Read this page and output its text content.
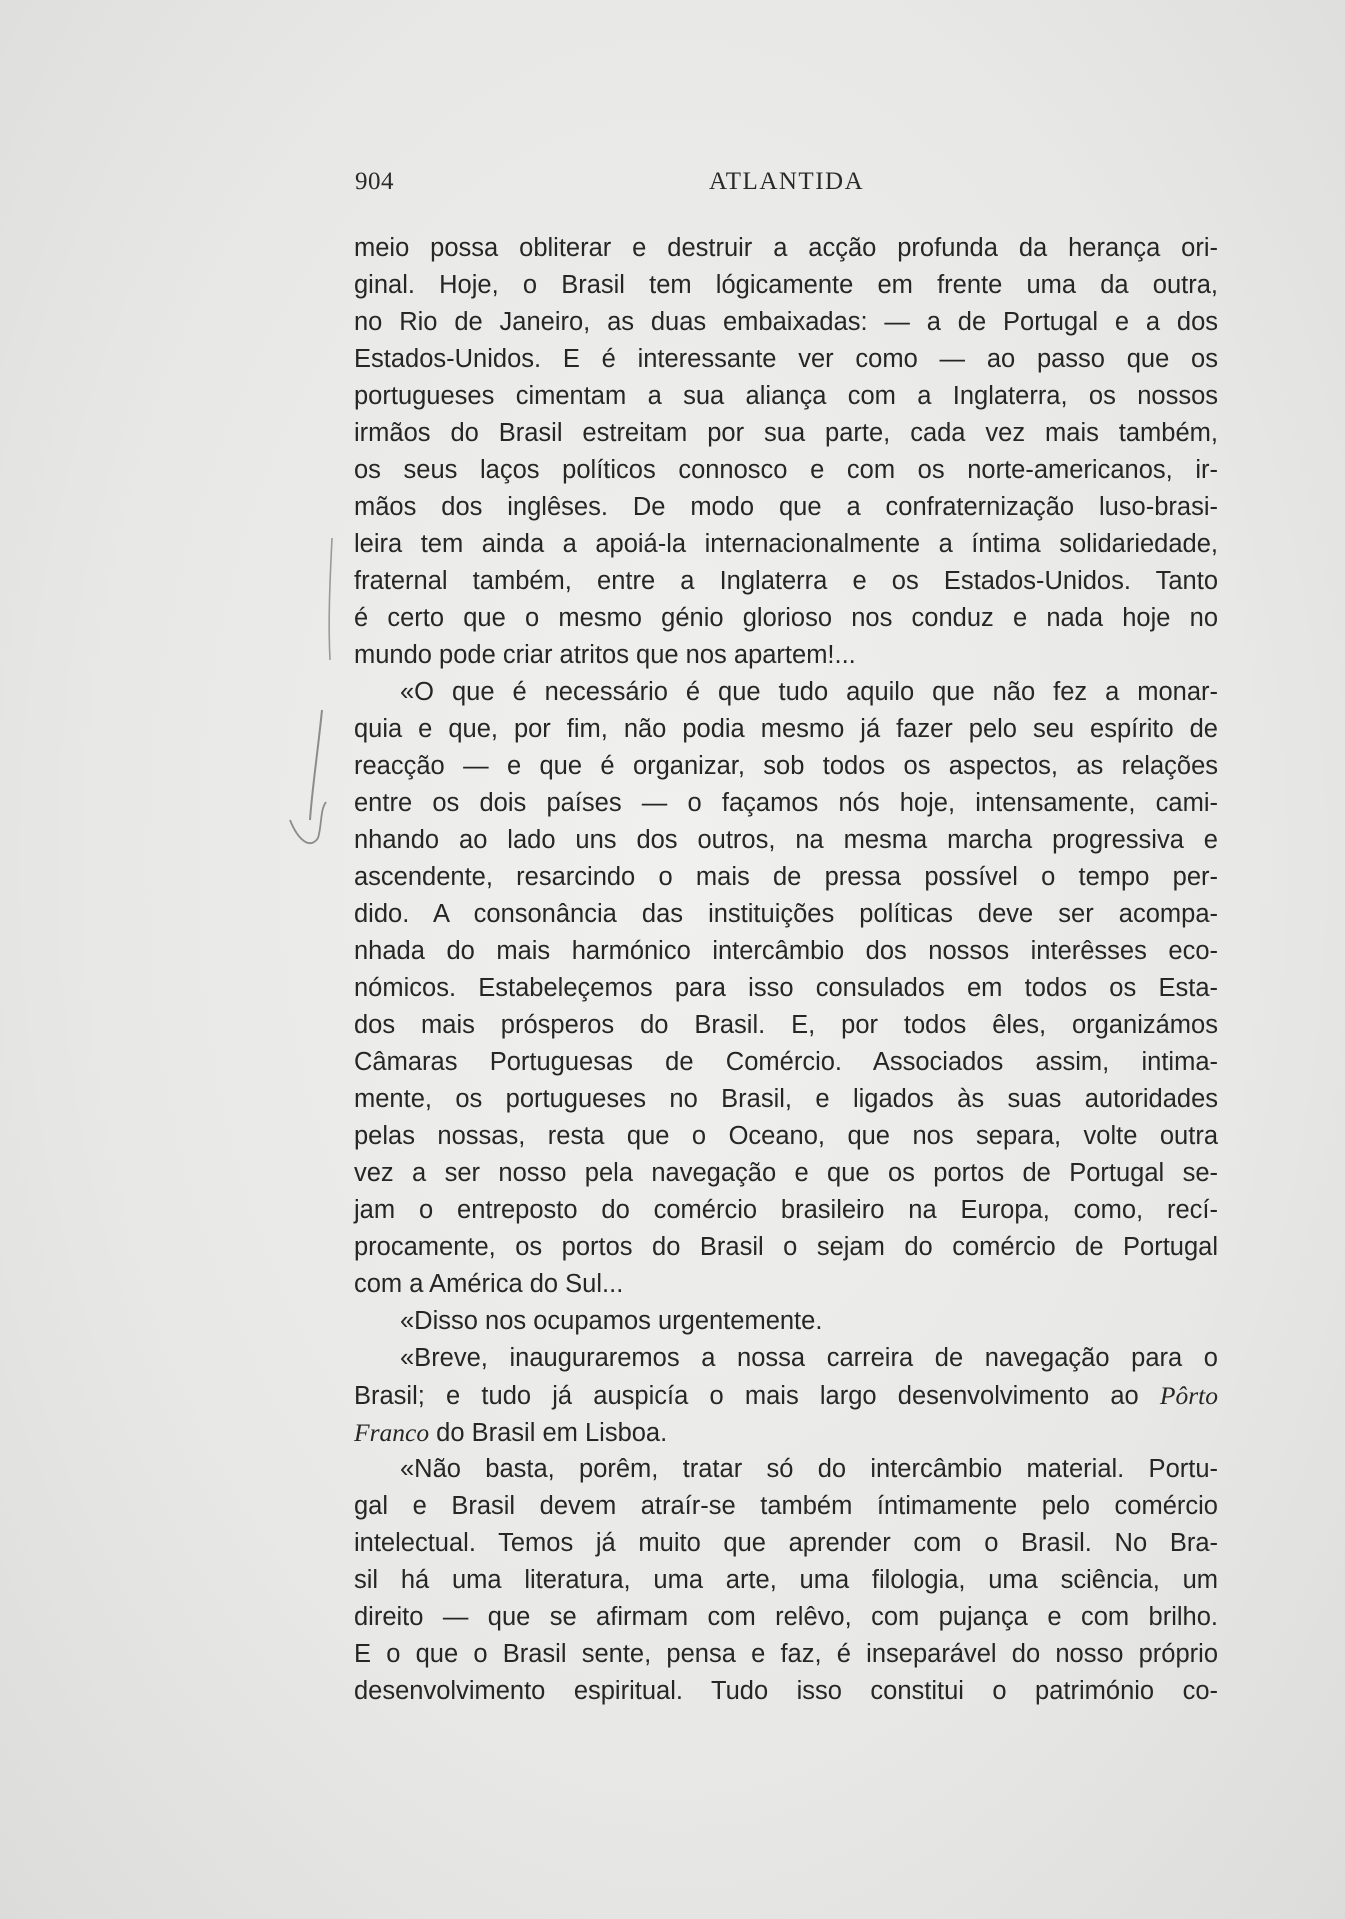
904	ATLANTIDA
meio possa obliterar e destruir a acção profunda da herança ori-
ginal. Hoje, o Brasil tem lógicamente em frente uma da outra,
no Rio de Janeiro, as duas embaixadas: — a de Portugal e a dos
Estados-Unidos. E é interessante ver como — ao passo que os
portugueses cimentam a sua aliança com a Inglaterra, os nossos
irmãos do Brasil estreitam por sua parte, cada vez mais também,
os seus laços políticos connosco e com os norte-americanos, ir-
mãos dos inglêses. De modo que a confraternização luso-brasi-
leira tem ainda a apoiá-la internacionalmente a íntima solidariedade,
fraternal também, entre a Inglaterra e os Estados-Unidos. Tanto
é certo que o mesmo génio glorioso nos conduz e nada hoje no
mundo pode criar atritos que nos apartem!...
«O que é necessário é que tudo aquilo que não fez a monar-
quia e que, por fim, não podia mesmo já fazer pelo seu espírito de
reacção — e que é organizar, sob todos os aspectos, as relações
entre os dois países — o façamos nós hoje, intensamente, cami-
nhando ao lado uns dos outros, na mesma marcha progressiva e
ascendente, resarcindo o mais de pressa possível o tempo per-
dido. A consonância das instituições políticas deve ser acompa-
nhada do mais harmónico intercâmbio dos nossos interêsses eco-
nómicos. Estabeleçemos para isso consulados em todos os Esta-
dos mais prósperos do Brasil. E, por todos êles, organizámos
Câmaras Portuguesas de Comércio. Associados assim, intima-
mente, os portugueses no Brasil, e ligados às suas autoridades
pelas nossas, resta que o Oceano, que nos separa, volte outra
vez a ser nosso pela navegação e que os portos de Portugal se-
jam o entreposto do comércio brasileiro na Europa, como, recí-
procamente, os portos do Brasil o sejam do comércio de Portugal
com a América do Sul...
«Disso nos ocupamos urgentemente.
«Breve, inauguraremos a nossa carreira de navegação para o
Brasil; e tudo já auspicía o mais largo desenvolvimento ao Pôrto
Franco do Brasil em Lisboa.
«Não basta, porêm, tratar só do intercâmbio material. Portu-
gal e Brasil devem atraír-se também íntimamente pelo comércio
intelectual. Temos já muito que aprender com o Brasil. No Bra-
sil há uma literatura, uma arte, uma filologia, uma sciência, um
direito — que se afirmam com relêvo, com pujança e com brilho.
E o que o Brasil sente, pensa e faz, é inseparável do nosso próprio
desenvolvimento espiritual. Tudo isso constitui o património co-
